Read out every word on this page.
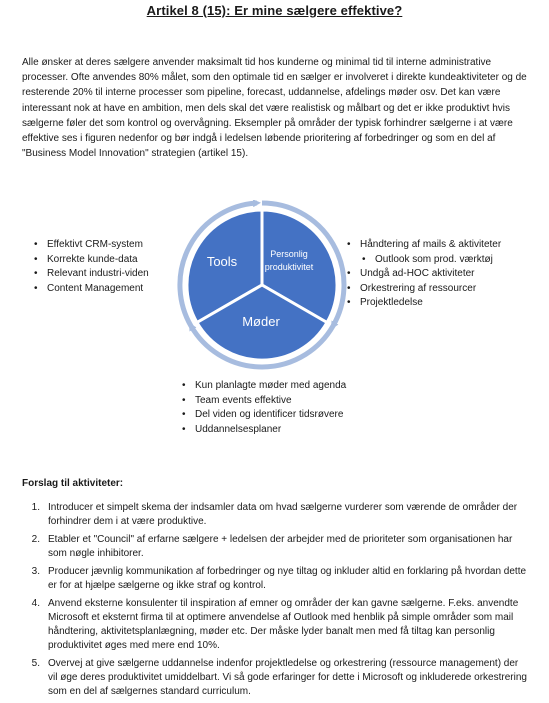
Artikel 8 (15): Er mine sælgere effektive?

Alle ønsker at deres sælgere anvender maksimalt tid hos kunderne og minimal tid til interne administrative processer. Ofte anvendes 80% målet, som den optimale tid en sælger er involveret i direkte kundeaktiviteter og de resterende 20% til interne processer som pipeline, forecast, uddannelse, afdelings møder osv. Det kan være interessant nok at have en ambition, men dels skal det være realistisk og målbart og det er ikke produktivt hvis sælgerne føler det som kontrol og overvågning. Eksempler på områder der typisk forhindrer sælgerne i at være effektive ses i figuren nedenfor og bør indgå i ledelsen løbende prioritering af forbedringer og som en del af "Business Model Innovation" strategien (artikel 15).

• Effektivt CRM-system
• Korrekte kunde-data
• Relevant industri-viden
• Content Management
Tools	Personlig
produktivitet
Møder
• Håndtering af mails & aktiviteter
• Outlook som prod. værktøj
• Undgå ad-HOC aktiviteter
• Orkestrering af ressourcer
• Projektledelse
• Kun planlagte møder med agenda
• Team events effektive
• Del viden og identificer tidsrøvere
• Uddannelsesplaner
Forslag til aktiviteter:
1. Introducer et simpelt skema der indsamler data om hvad sælgerne vurderer som værende de områder der forhindrer dem i at være produktive.
2. Etabler et "Council" af erfarne sælgere + ledelsen der arbejder med de prioriteter som organisationen har som nøgle inhibitorer.
3. Producer jævnlig kommunikation af forbedringer og nye tiltag og inkluder altid en forklaring på hvordan dette er for at hjælpe sælgerne og ikke straf og kontrol.
4. Anvend eksterne konsulenter til inspiration af emner og områder der kan gavne sælgerne. F.eks. anvendte Microsoft et eksternt firma til at optimere anvendelse af Outlook med henblik på simple områder som mail håndtering, aktivitetsplanlægning, møder etc. Der måske lyder banalt men med få tiltag kan personlig produktivitet øges med mere end 10%.
5. Overvej at give sælgerne uddannelse indenfor projektledelse og orkestrering (ressource management) der vil øge deres produktivitet umiddelbart. Vi så gode erfaringer for dette i Microsoft og inkluderede orkestrering som en del af sælgernes standard curriculum.
